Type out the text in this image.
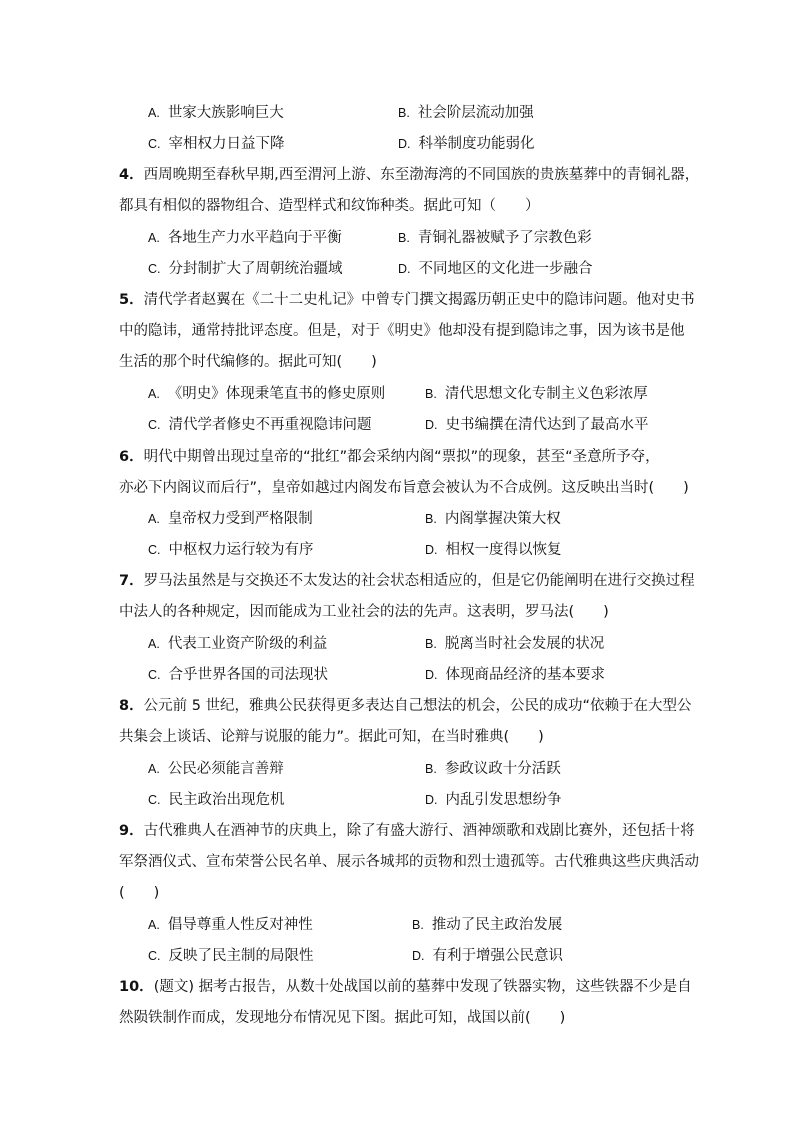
A. 世家大族影响巨大	B. 社会阶层流动加强
C. 宰相权力日益下降	D. 科举制度功能弱化
4．西周晚期至春秋早期,西至渭河上游、东至渤海湾的不同国族的贵族墓葬中的青铜礼器，
都具有相似的器物组合、造型样式和纹饰种类。据此可知（　　）
A. 各地生产力水平趋向于平衡	B. 青铜礼器被赋予了宗教色彩
C. 分封制扩大了周朝统治疆域	D. 不同地区的文化进一步融合
5．清代学者赵翼在《二十二史札记》中曾专门撰文揭露历朝正史中的隐讳问题。他对史书
中的隐讳，通常持批评态度。但是，对于《明史》他却没有提到隐讳之事，因为该书是他
生活的那个时代编修的。据此可知(　　)
A. 《明史》体现秉笔直书的修史原则	B. 清代思想文化专制主义色彩浓厚
C. 清代学者修史不再重视隐讳问题	D. 史书编撰在清代达到了最高水平
6．明代中期曾出现过皇帝的“批红”都会采纳内阁“票拟”的现象，甚至“圣意所予夺，
亦必下内阁议而后行”，皇帝如越过内阁发布旨意会被认为不合成例。这反映出当时(　　)
A. 皇帝权力受到严格限制	B. 内阁掌握决策大权
C. 中枢权力运行较为有序	D. 相权一度得以恢复
7．罗马法虽然是与交换还不太发达的社会状态相适应的，但是它仍能阐明在进行交换过程
中法人的各种规定，因而能成为工业社会的法的先声。这表明，罗马法(　　)
A. 代表工业资产阶级的利益	B. 脱离当时社会发展的状况
C. 合乎世界各国的司法现状	D. 体现商品经济的基本要求
8．公元前 5 世纪，雅典公民获得更多表达自己想法的机会，公民的成功“依赖于在大型公
共集会上谈话、论辩与说服的能力”。据此可知，在当时雅典(　　)
A. 公民必须能言善辩	B. 参政议政十分活跃
C. 民主政治出现危机	D. 内乱引发思想纷争
9．古代雅典人在酒神节的庆典上，除了有盛大游行、酒神颂歌和戏剧比赛外，还包括十将
军祭酒仪式、宣布荣誉公民名单、展示各城邦的贡物和烈士遗孤等。古代雅典这些庆典活动
(　　)
A. 倡导尊重人性反对神性	B. 推动了民主政治发展
C. 反映了民主制的局限性	D. 有利于增强公民意识
10．(题文) 据考古报告，从数十处战国以前的墓葬中发现了铁器实物，这些铁器不少是自
然陨铁制作而成，发现地分布情况见下图。据此可知，战国以前(　　)
